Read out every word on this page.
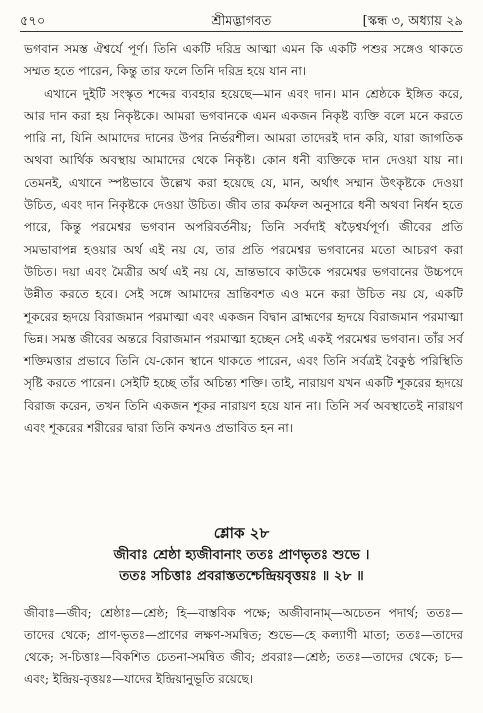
৫৭০	শ্রীমদ্ভাগবত	[স্কন্ধ ৩, অধ্যায় ২৯

ভগবান সমস্ত ঐশ্বর্যে পূর্ণ। তিনি একটি দরিদ্র আত্মা এমন কি একটি পশুর সঙ্গেও থাকতে সম্মত হতে পারেন, কিন্তু তার ফলে তিনি দরিদ্র হয়ে যান না।

এখানে দুইটি সংস্কৃত শব্দের ব্যবহার হয়েছে—মান এবং দান। মান শ্রেষ্ঠকে ইঙ্গিত করে, আর দান করা হয় নিকৃষ্টকে। আমরা ভগবানকে এমন একজন নিকৃষ্ট ব্যক্তি বলে মনে করতে পারি না, যিনি আমাদের দানের উপর নির্ভরশীল। আমরা তাদেরই দান করি, যারা জাগতিক অথবা আর্থিক অবস্থায় আমাদের থেকে নিকৃষ্ট। কোন ধনী ব্যক্তিকে দান দেওয়া যায় না। তেমনই, এখানে স্পষ্টভাবে উল্লেখ করা হয়েছে যে, মান, অর্থাৎ সম্মান উৎকৃষ্টকে দেওয়া উচিত, এবং দান নিকৃষ্টকে দেওয়া উচিত। জীব তার কর্মফল অনুসারে ধনী অথবা নির্ধন হতে পারে, কিন্তু পরমেশ্বর ভগবান অপরিবর্তনীয়; তিনি সর্বদাই ষড়ৈশ্বর্যপূর্ণ। জীবের প্রতি সমভাবাপন্ন হওয়ার অর্থ এই নয় যে, তার প্রতি পরমেশ্বর ভগবানের মতো আচরণ করা উচিত। দয়া এবং মৈত্রীর অর্থ এই নয় যে, ভ্রান্তভাবে কাউকে পরমেশ্বর ভগবানের উচ্চপদে উন্নীত করতে হবে। সেই সঙ্গে আমাদের ভ্রান্তিবশত এও মনে করা উচিত নয় যে, একটি শূকরের হৃদয়ে বিরাজমান পরমাত্মা এবং একজন বিদ্বান ব্রাহ্মণের হৃদয়ে বিরাজমান পরমাত্মা ভিন্ন। সমস্ত জীবের অন্তরে বিরাজমান পরমাত্মা হচ্ছেন সেই একই পরমেশ্বর ভগবান। তাঁর সর্ব শক্তিমত্তার প্রভাবে তিনি যে-কোন স্থানে থাকতে পারেন, এবং তিনি সর্বত্রই বৈকুণ্ঠ পরিস্থিতি সৃষ্টি করতে পারেন। সেইটি হচ্ছে তাঁর অচিন্ত্য শক্তি। তাই, নারায়ণ যখন একটি শূকরের হৃদয়ে বিরাজ করেন, তখন তিনি একজন শূকর নারায়ণ হয়ে যান না। তিনি সর্ব অবস্থাতেই নারায়ণ এবং শূকরের শরীরের দ্বারা তিনি কখনও প্রভাবিত হন না।

শ্লোক ২৮
জীবাঃ শ্রেষ্ঠা হ্যজীবানাং ততঃ প্রাণভৃতঃ শুভে ।
ততঃ সচিত্তাঃ প্রবরাস্ততশ্চেন্দ্রিয়বৃত্তয়ঃ ॥ ২৮ ॥
জীবাঃ—জীব; শ্রেষ্ঠাঃ—শ্রেষ্ঠ; হি—বাস্তবিক পক্ষে; অজীবানাম্—অচেতন পদার্থ; ততঃ—তাদের থেকে; প্রাণ-ভৃতঃ—প্রাণের লক্ষণ-সমন্বিত; শুভে—হে কল্যাণী মাতা; ততঃ—তাদের থেকে; স-চিত্তাঃ—বিকশিত চেতনা-সমন্বিত জীব; প্রবরাঃ—শ্রেষ্ঠ; ততঃ—তাদের থেকে; চ—এবং; ইন্দ্রিয়-বৃত্তয়ঃ—যাদের ইন্দ্রিয়ানুভূতি রয়েছে।
